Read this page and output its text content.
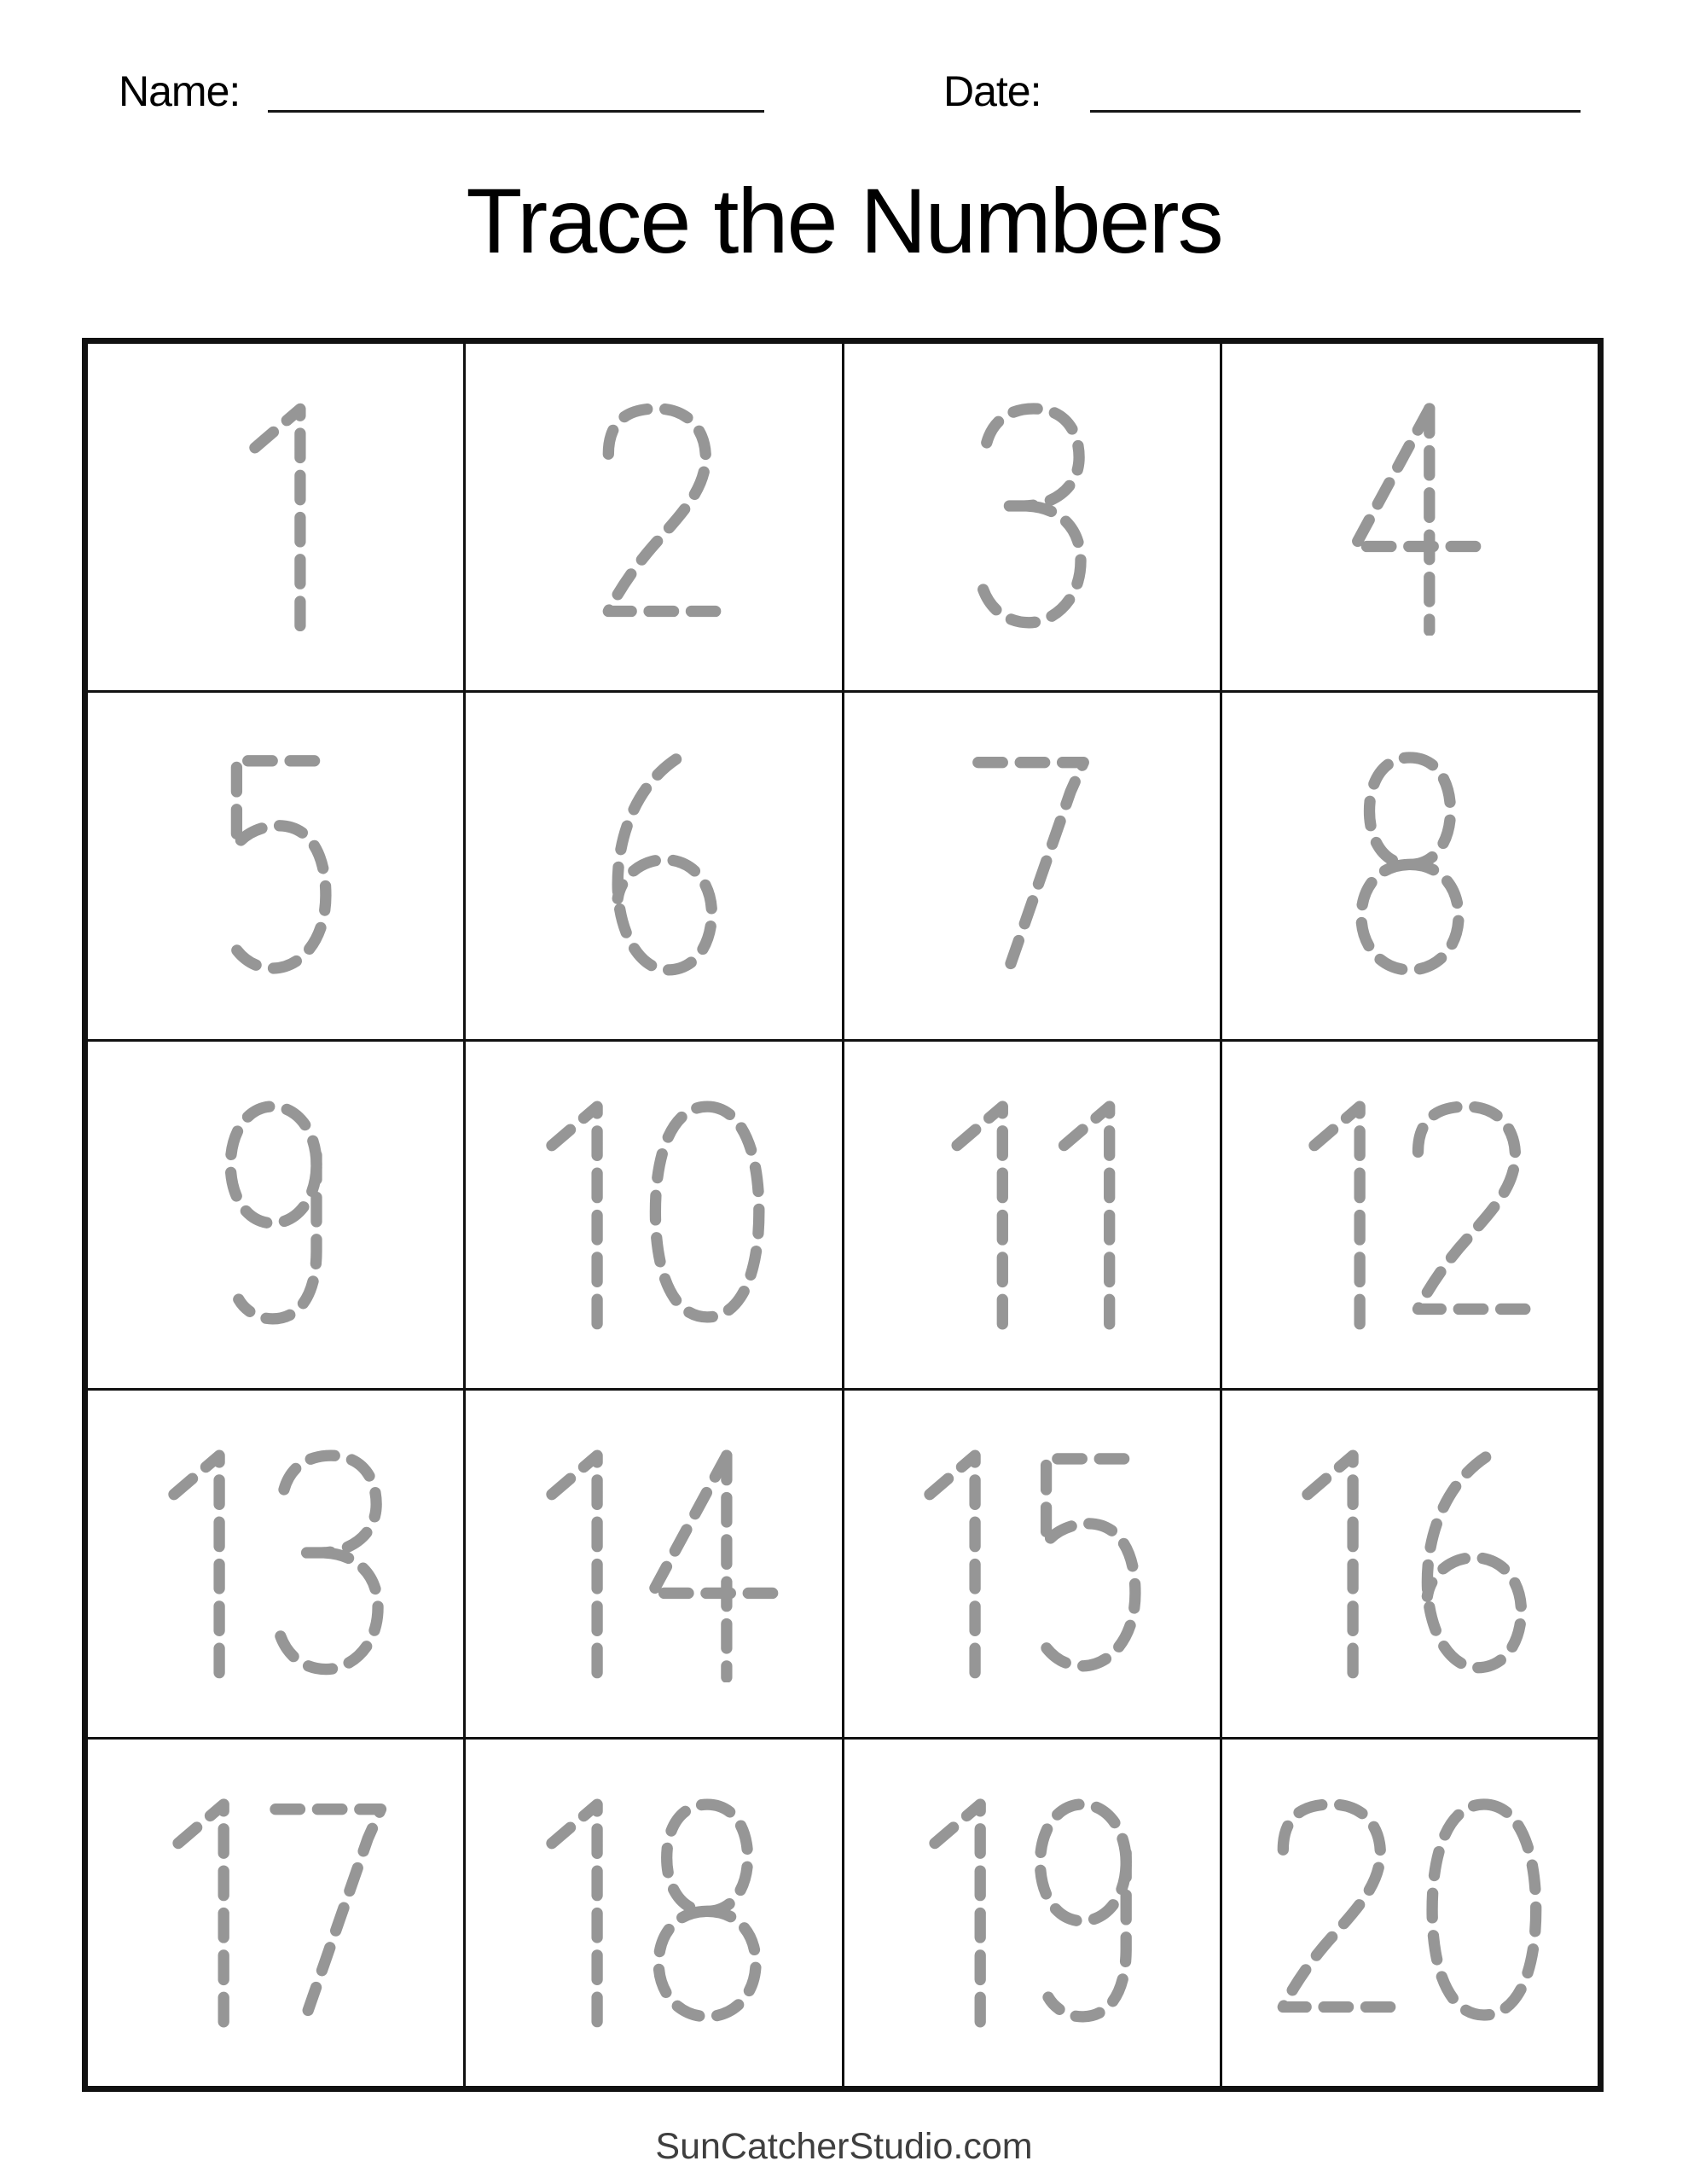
Name:	Date:
Trace the Numbers
SunCatcherStudio.com
